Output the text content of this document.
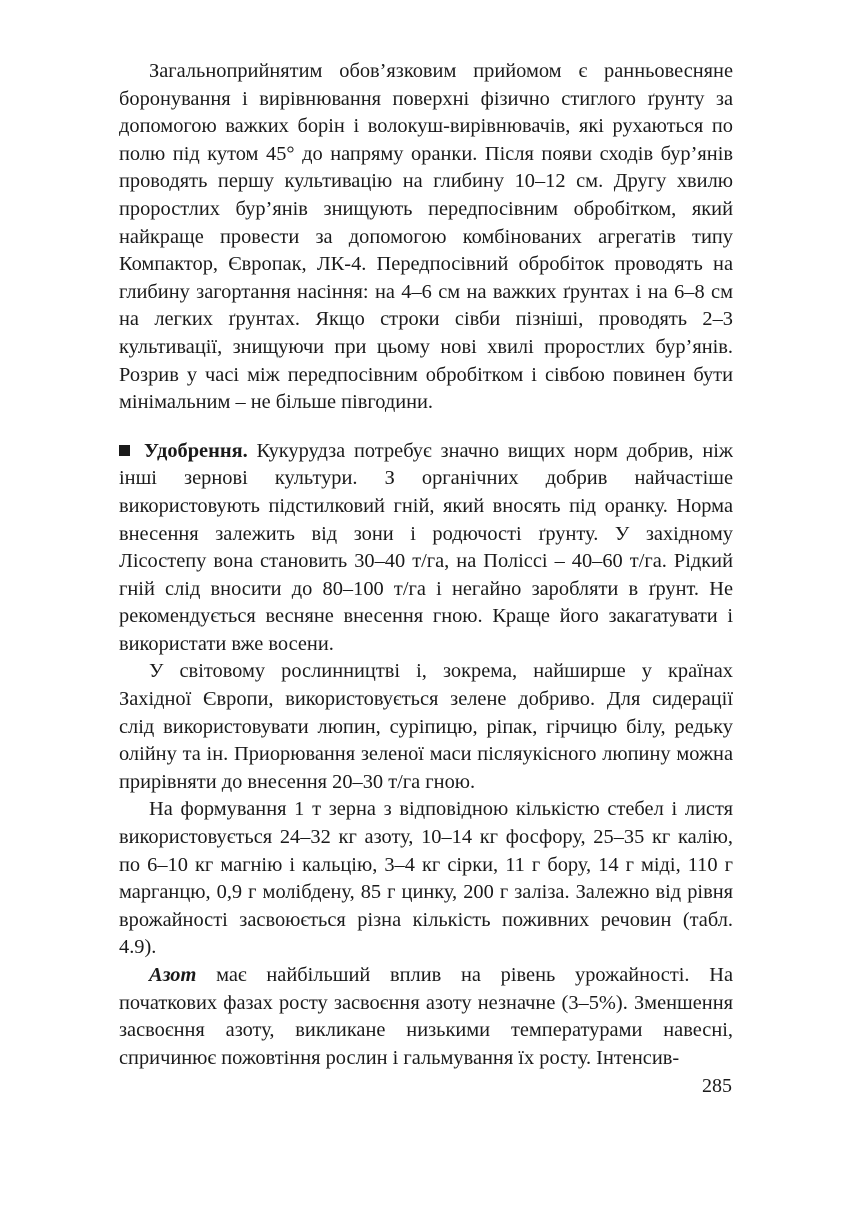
Загальноприйнятим обов’язковим прийомом є ранньовесняне боронування і вирівнювання поверхні фізично стиглого ґрунту за допомогою важких борін і волокуш-вирівнювачів, які рухаються по полю під кутом 45° до напряму оранки. Після появи сходів бур’янів проводять першу культивацію на глибину 10–12 см. Другу хвилю проростлих бур’янів знищують передпосівним обробітком, який найкраще провести за допомогою комбінованих агрегатів типу Компактор, Європак, ЛК-4. Передпосівний обробіток проводять на глибину загортання насіння: на 4–6 см на важких ґрунтах і на 6–8 см на легких ґрунтах. Якщо строки сівби пізніші, проводять 2–3 культивації, знищуючи при цьому нові хвилі проростлих бур’янів. Розрив у часі між передпосівним обробітком і сівбою повинен бути мінімальним – не більше півгодини.

Удобрення. Кукурудза потребує значно вищих норм добрив, ніж інші зернові культури. З органічних добрив найчастіше використовують підстилковий гній, який вносять під оранку. Норма внесення залежить від зони і родючості ґрунту. У західному Лісостепу вона становить 30–40 т/га, на Поліссі – 40–60 т/га. Рідкий гній слід вносити до 80–100 т/га і негайно заробляти в ґрунт. Не рекомендується весняне внесення гною. Краще його закагатувати і використати вже восени.

У світовому рослинництві і, зокрема, найширше у країнах Західної Європи, використовується зелене добриво. Для сидерації слід використовувати люпин, суріпицю, ріпак, гірчицю білу, редьку олійну та ін. Приорювання зеленої маси післяукісного люпину можна прирівняти до внесення 20–30 т/га гною.

На формування 1 т зерна з відповідною кількістю стебел і листя використовується 24–32 кг азоту, 10–14 кг фосфору, 25–35 кг калію, по 6–10 кг магнію і кальцію, 3–4 кг сірки, 11 г бору, 14 г міді, 110 г марганцю, 0,9 г молібдену, 85 г цинку, 200 г заліза. Залежно від рівня врожайності засвоюється різна кількість поживних речовин (табл. 4.9).

Азот має найбільший вплив на рівень урожайності. На початкових фазах росту засвоєння азоту незначне (3–5%). Зменшення засвоєння азоту, викликане низькими температурами навесні, спричинює пожовтіння рослин і гальмування їх росту. Інтенсив-

285
